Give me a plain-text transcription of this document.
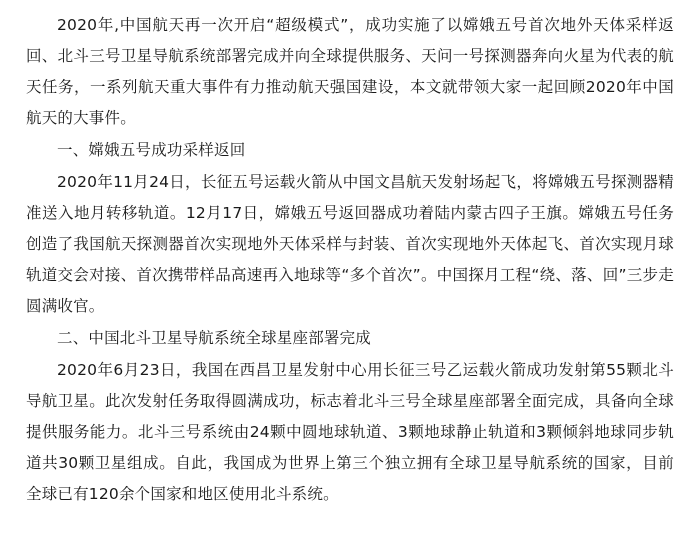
2020年,中国航天再一次开启“超级模式”，成功实施了以嫦娥五号首次地外天体采样返回、北斗三号卫星导航系统部署完成并向全球提供服务、天问一号探测器奔向火星为代表的航天任务，一系列航天重大事件有力推动航天强国建设，本文就带领大家一起回顾2020年中国航天的大事件。

一、嫦娥五号成功采样返回

2020年11月24日，长征五号运载火箭从中国文昌航天发射场起飞，将嫦娥五号探测器精准送入地月转移轨道。12月17日，嫦娥五号返回器成功着陆内蒙古四子王旗。嫦娥五号任务创造了我国航天探测器首次实现地外天体采样与封装、首次实现地外天体起飞、首次实现月球轨道交会对接、首次携带样品高速再入地球等“多个首次”。中国探月工程“绕、落、回”三步走圆满收官。

二、中国北斗卫星导航系统全球星座部署完成

2020年6月23日，我国在西昌卫星发射中心用长征三号乙运载火箭成功发射第55颗北斗导航卫星。此次发射任务取得圆满成功，标志着北斗三号全球星座部署全面完成，具备向全球提供服务能力。北斗三号系统由24颗中圆地球轨道、3颗地球静止轨道和3颗倾斜地球同步轨道共30颗卫星组成。自此，我国成为世界上第三个独立拥有全球卫星导航系统的国家，目前全球已有120余个国家和地区使用北斗系统。
